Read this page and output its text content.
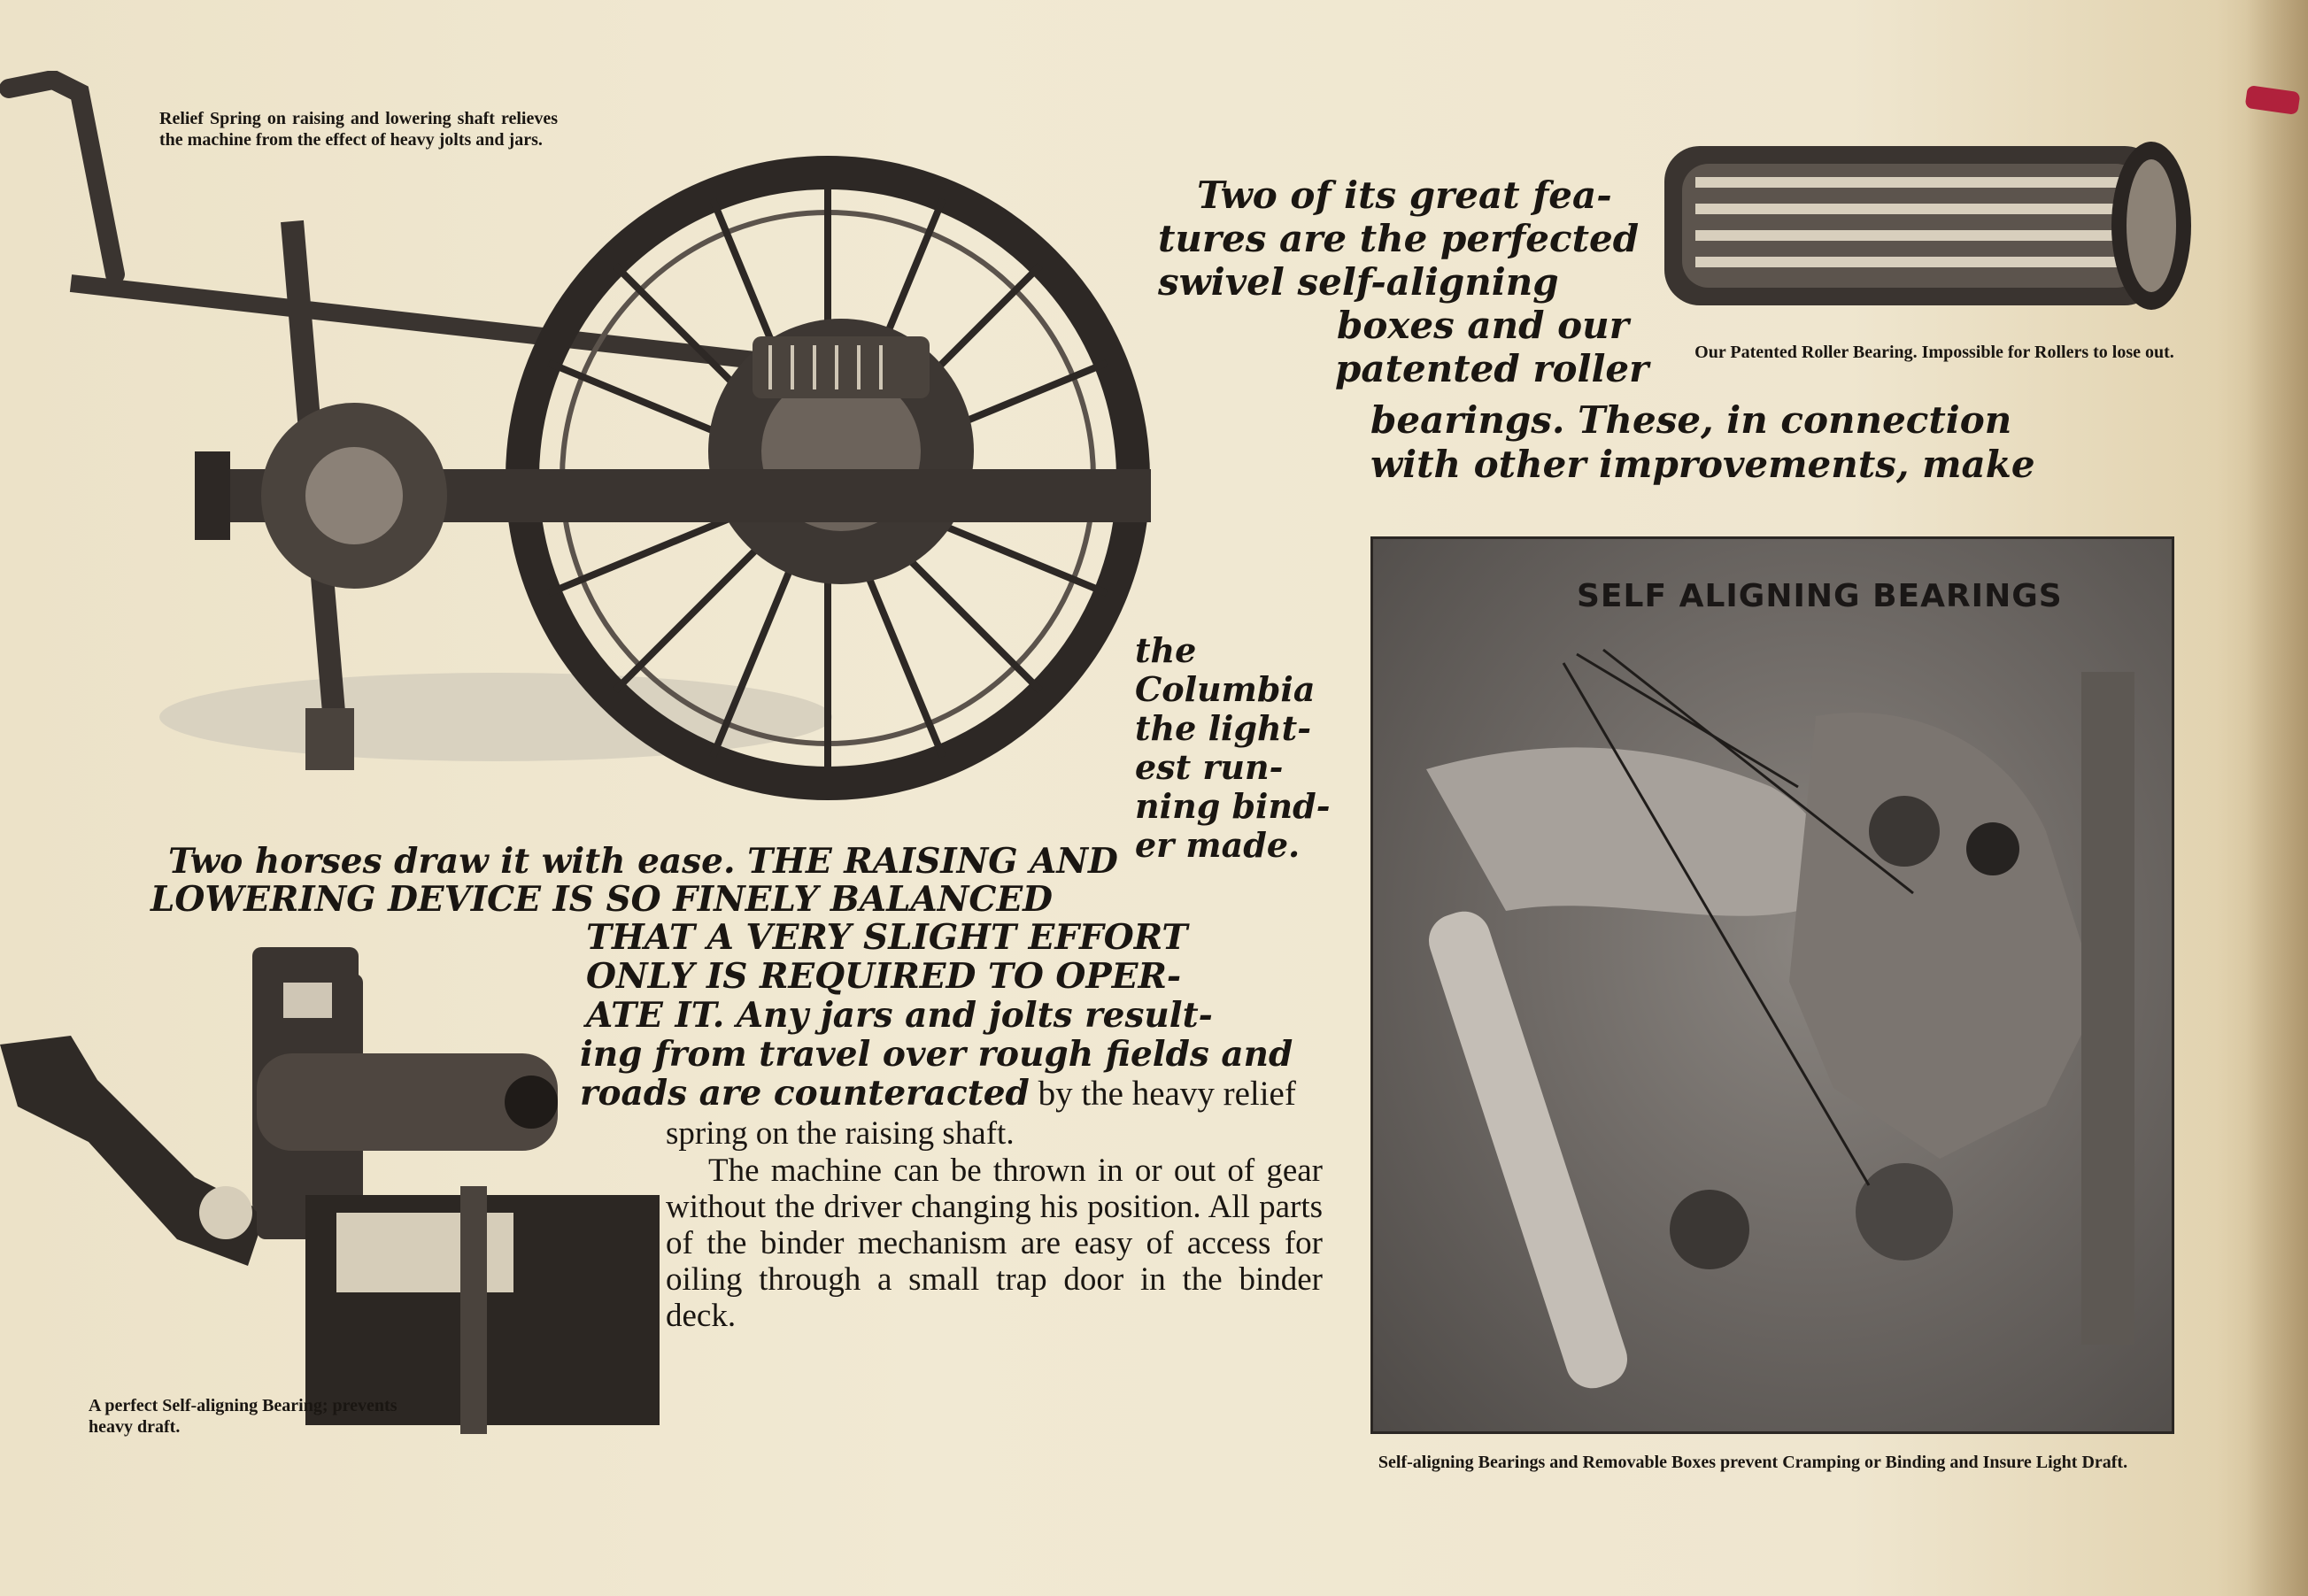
Relief Spring on raising and lowering shaft relieves the machine from the effect of heavy jolts and jars.

Our Patented Roller Bearing. Impossible for Rollers to lose out.

Two of its great fea-

tures are the perfected

swivel self-aligning

boxes and our

patented roller

bearings. These, in connection

with other improvements, make

the

Columbia

the light-

est run-

ning bind-

er made.

Two horses draw it with ease. THE RAISING AND

LOWERING DEVICE IS SO FINELY BALANCED

THAT A VERY SLIGHT EFFORT

ONLY IS REQUIRED TO OPER-

ATE IT. Any jars and jolts result-

ing from travel over rough fields and

roads are counteracted by the heavy relief

spring on the raising shaft.

The machine can be thrown in or out of gear without the driver changing his position. All parts of the binder mechanism are easy of access for oiling through a small trap door in the binder deck.

A perfect Self-aligning Bearing; prevents heavy draft.

SELF ALIGNING BEARINGS

Self-aligning Bearings and Removable Boxes prevent Cramping or Binding and Insure Light Draft.
